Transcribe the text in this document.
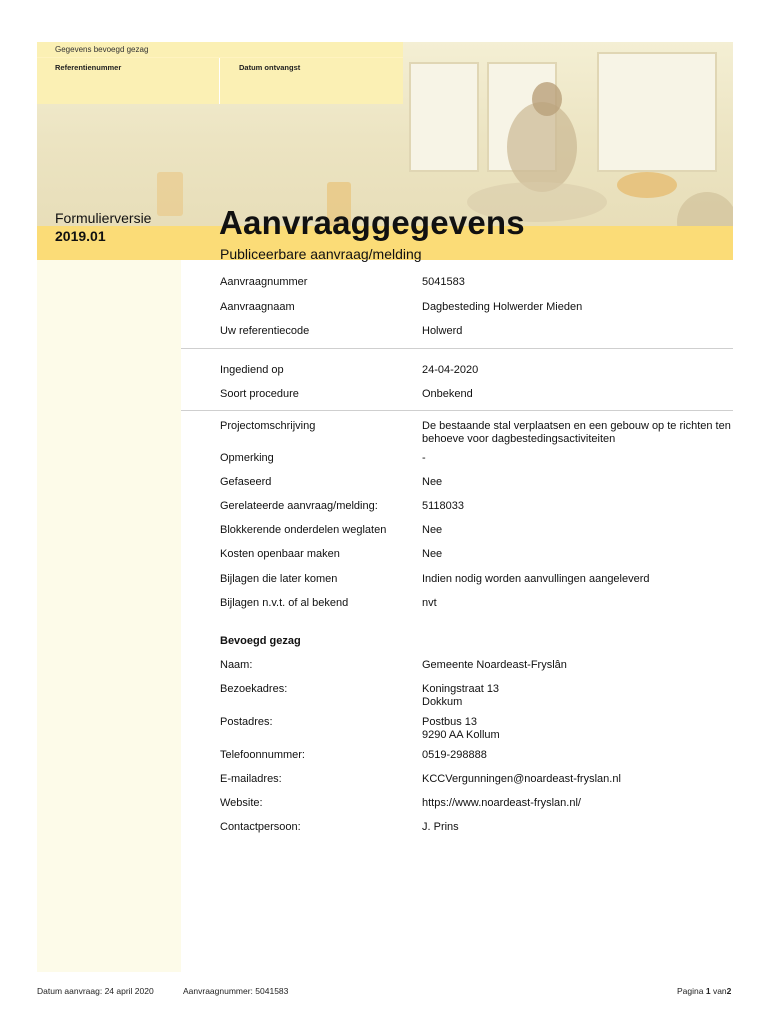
Gegevens bevoegd gezag
Referentienummer	Datum ontvangst
Formulierversie
2019.01	Aanvraaggegevens
Publiceerbare aanvraag/melding
Aanvraagnummer	5041583
Aanvraagnaam	Dagbesteding Holwerder Mieden
Uw referentiecode	Holwerd
Ingediend op	24-04-2020
Soort procedure	Onbekend
Projectomschrijving	De bestaande stal verplaatsen en een gebouw op te richten ten behoeve voor dagbestedingsactiviteiten
Opmerking	-
Gefaseerd	Nee
Gerelateerde aanvraag/melding:	5118033
Blokkerende onderdelen weglaten	Nee
Kosten openbaar maken	Nee
Bijlagen die later komen	Indien nodig worden aanvullingen aangeleverd
Bijlagen n.v.t. of al bekend	nvt
Bevoegd gezag
Naam:	Gemeente Noardeast-Fryslân
Bezoekadres:	Koningstraat 13
Dokkum
Postadres:	Postbus 13
9290 AA Kollum
Telefoonnummer:	0519-298888
E-mailadres:	KCCVergunningen@noardeast-fryslan.nl
Website:	https://www.noardeast-fryslan.nl/
Contactpersoon:	J. Prins
Datum aanvraag: 24 april 2020	Aanvraagnummer: 5041583	Pagina 1 van2
